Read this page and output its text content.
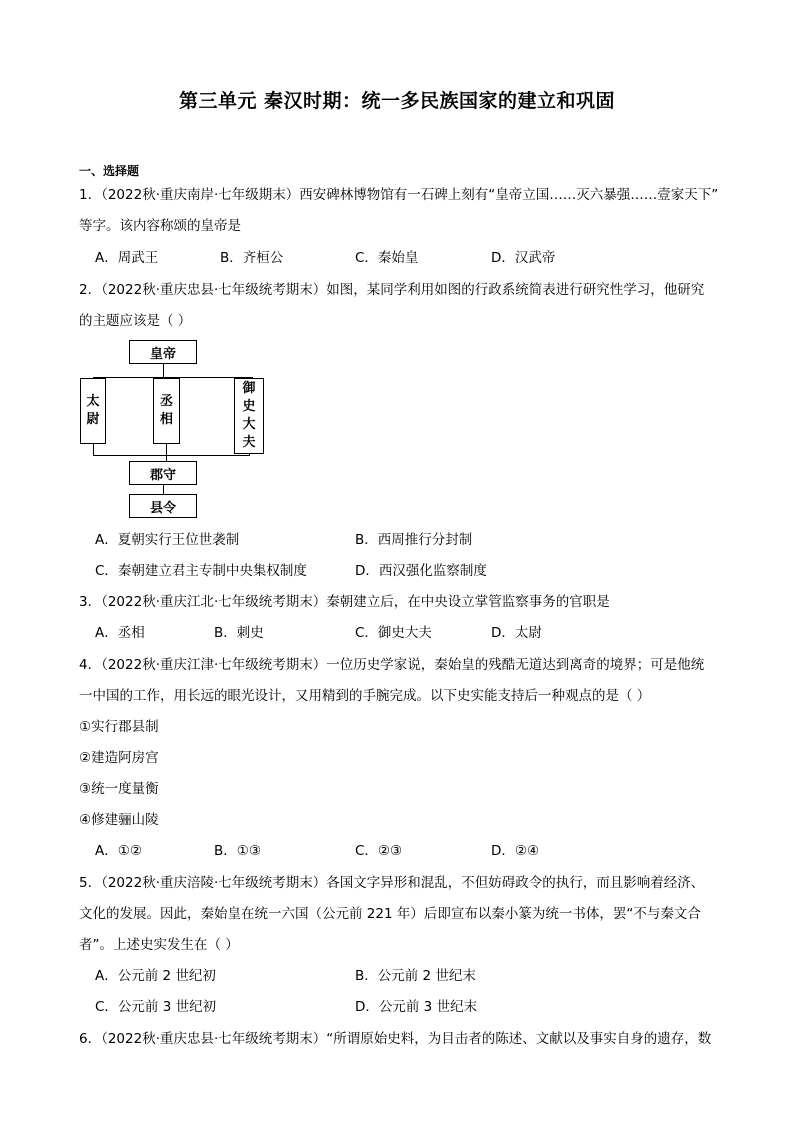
第三单元 秦汉时期：统一多民族国家的建立和巩固
一、选择题
1．（2022秋·重庆南岸·七年级期末）西安碑林博物馆有一石碑上刻有“皇帝立国……灭六暴强……壹家天下”
等字。该内容称颂的皇帝是
A．周武王	B．齐桓公	C．秦始皇	D．汉武帝
2．（2022秋·重庆忠县·七年级统考期末）如图，某同学利用如图的行政系统简表进行研究性学习，他研究
的主题应该是（ ）
皇帝
太
尉
丞
相
御
史
大
夫
郡守
县令
A．夏朝实行王位世袭制	B．西周推行分封制
C．秦朝建立君主专制中央集权制度	D．西汉强化监察制度
3．（2022秋·重庆江北·七年级统考期末）秦朝建立后，在中央设立掌管监察事务的官职是
A．丞相	B．刺史	C．御史大夫	D．太尉
4．（2022秋·重庆江津·七年级统考期末）一位历史学家说，秦始皇的残酷无道达到离奇的境界；可是他统
一中国的工作，用长远的眼光设计，又用精到的手腕完成。以下史实能支持后一种观点的是（ ）
①实行郡县制
②建造阿房宫
③统一度量衡
④修建骊山陵
A．①②	B．①③	C．②③	D．②④
5．（2022秋·重庆涪陵·七年级统考期末）各国文字异形和混乱，不但妨碍政令的执行，而且影响着经济、
文化的发展。因此，秦始皇在统一六国（公元前 221 年）后即宣布以秦小篆为统一书体，罢“不与秦文合
者”。上述史实发生在（ ）
A．公元前 2 世纪初	B．公元前 2 世纪末
C．公元前 3 世纪初	D．公元前 3 世纪末
6．（2022秋·重庆忠县·七年级统考期末）“所谓原始史料，为目击者的陈述、文献以及事实自身的遗存，数
